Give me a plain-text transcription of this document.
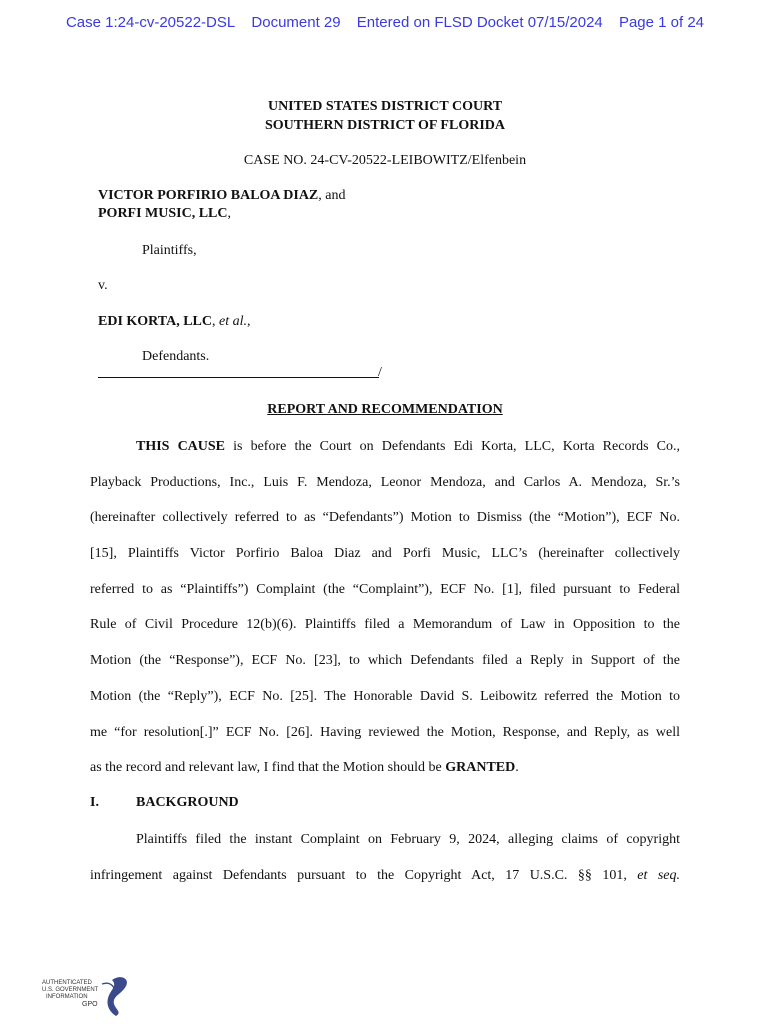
Case 1:24-cv-20522-DSL Document 29 Entered on FLSD Docket 07/15/2024 Page 1 of 24
UNITED STATES DISTRICT COURT
SOUTHERN DISTRICT OF FLORIDA
CASE NO. 24-CV-20522-LEIBOWITZ/Elfenbein
VICTOR PORFIRIO BALOA DIAZ, and
PORFI MUSIC, LLC,
Plaintiffs,
v.
EDI KORTA, LLC, et al.,
Defendants.
/
REPORT AND RECOMMENDATION
THIS CAUSE is before the Court on Defendants Edi Korta, LLC, Korta Records Co.,
Playback Productions, Inc., Luis F. Mendoza, Leonor Mendoza, and Carlos A. Mendoza, Sr.’s
(hereinafter collectively referred to as “Defendants”) Motion to Dismiss (the “Motion”), ECF No.
[15], Plaintiffs Victor Porfirio Baloa Diaz and Porfi Music, LLC’s (hereinafter collectively
referred to as “Plaintiffs”) Complaint (the “Complaint”), ECF No. [1], filed pursuant to Federal
Rule of Civil Procedure 12(b)(6). Plaintiffs filed a Memorandum of Law in Opposition to the
Motion (the “Response”), ECF No. [23], to which Defendants filed a Reply in Support of the
Motion (the “Reply”), ECF No. [25]. The Honorable David S. Leibowitz referred the Motion to
me “for resolution[.]” ECF No. [26]. Having reviewed the Motion, Response, and Reply, as well
as the record and relevant law, I find that the Motion should be GRANTED.
I.	BACKGROUND
Plaintiffs filed the instant Complaint on February 9, 2024, alleging claims of copyright
infringement against Defendants pursuant to the Copyright Act, 17 U.S.C. §§ 101, et seq.
AUTHENTICATED
U.S. GOVERNMENT
INFORMATION
GPO
